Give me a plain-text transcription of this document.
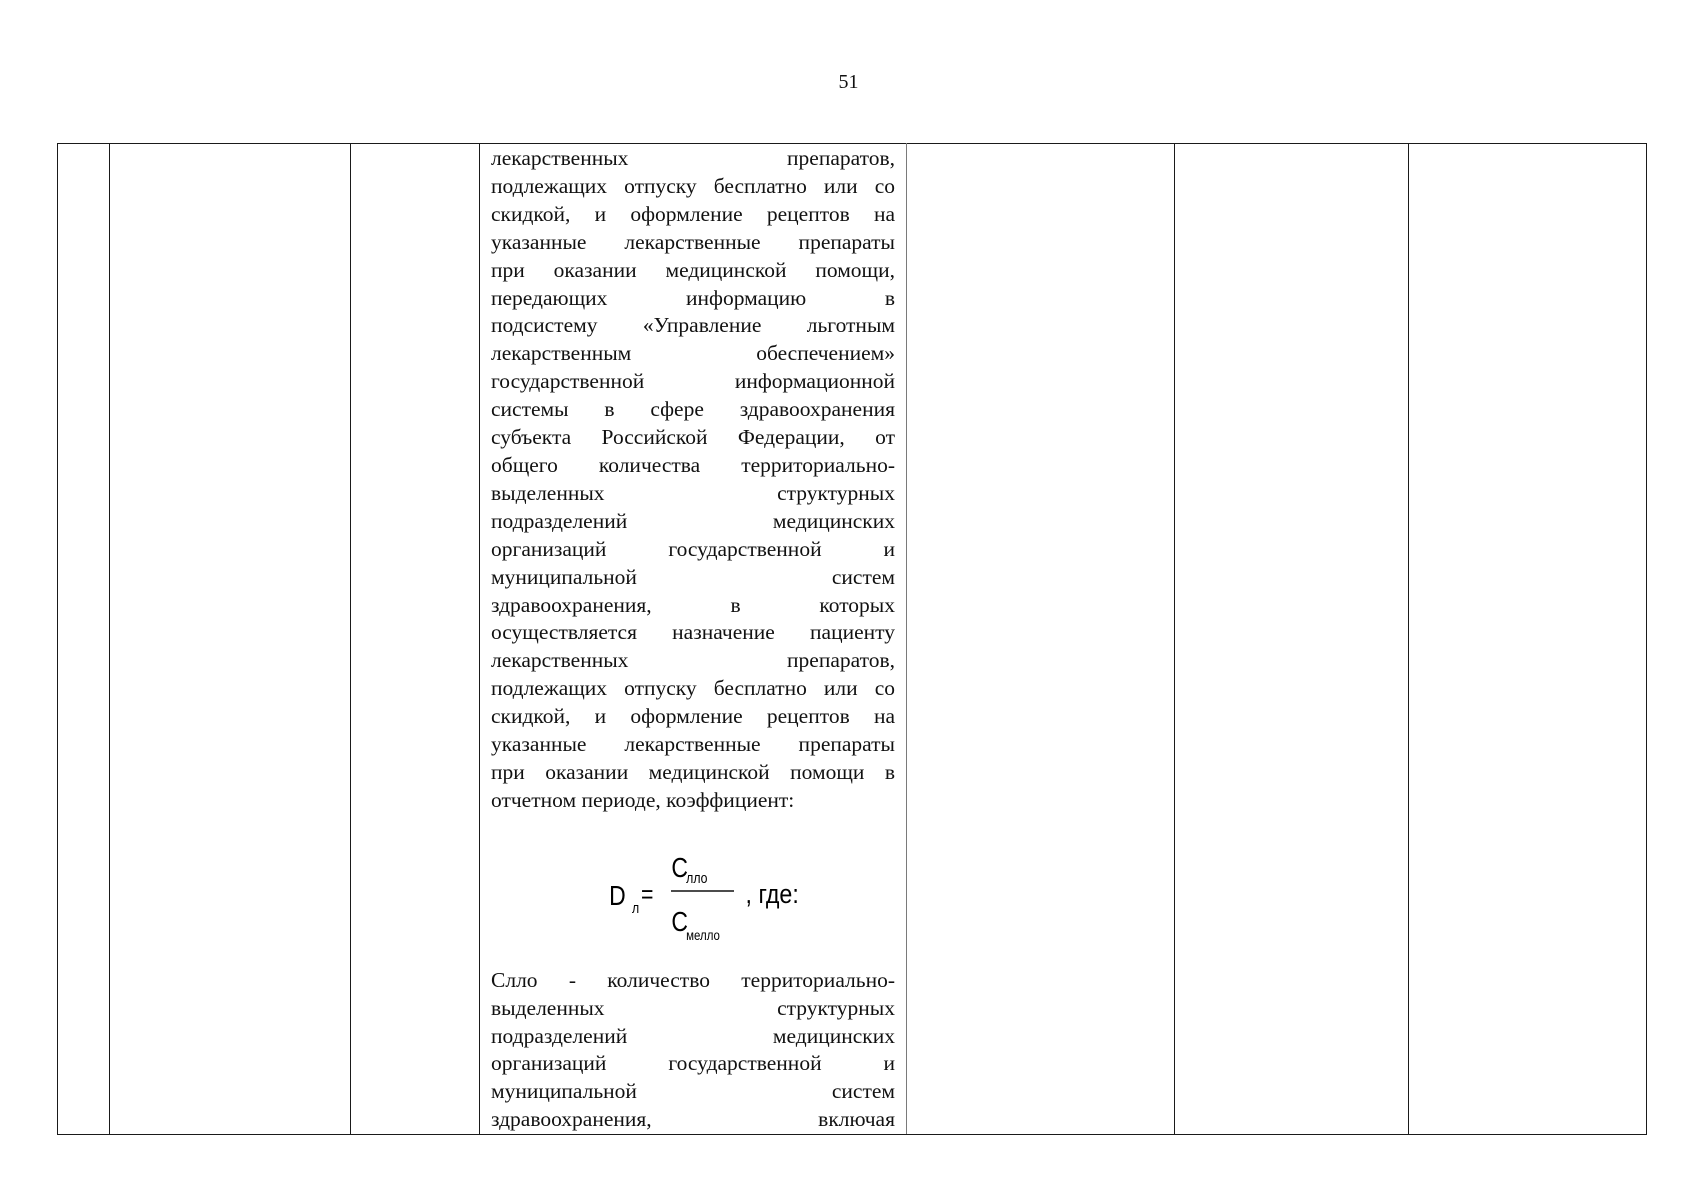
51

лекарственных препаратов,
подлежащих отпуску бесплатно или со
скидкой, и оформление рецептов на
указанные лекарственные препараты
при оказании медицинской помощи,
передающих информацию в
подсистему «Управление льготным
лекарственным обеспечением»
государственной информационной
системы в сфере здравоохранения
субъекта Российской Федерации, от
общего количества территориально-
выделенных структурных
подразделений медицинских
организаций государственной и
муниципальной систем
здравоохранения, в которых
осуществляется назначение пациенту
лекарственных препаратов,
подлежащих отпуску бесплатно или со
скидкой, и оформление рецептов на
указанные лекарственные препараты
при оказании медицинской помощи в
отчетном периоде, коэффициент:
D л =
C
лло
C
меллo
, где:
Слло - количество территориально-
выделенных структурных
подразделений медицинских
организаций государственной и
муниципальной систем
здравоохранения, включая
